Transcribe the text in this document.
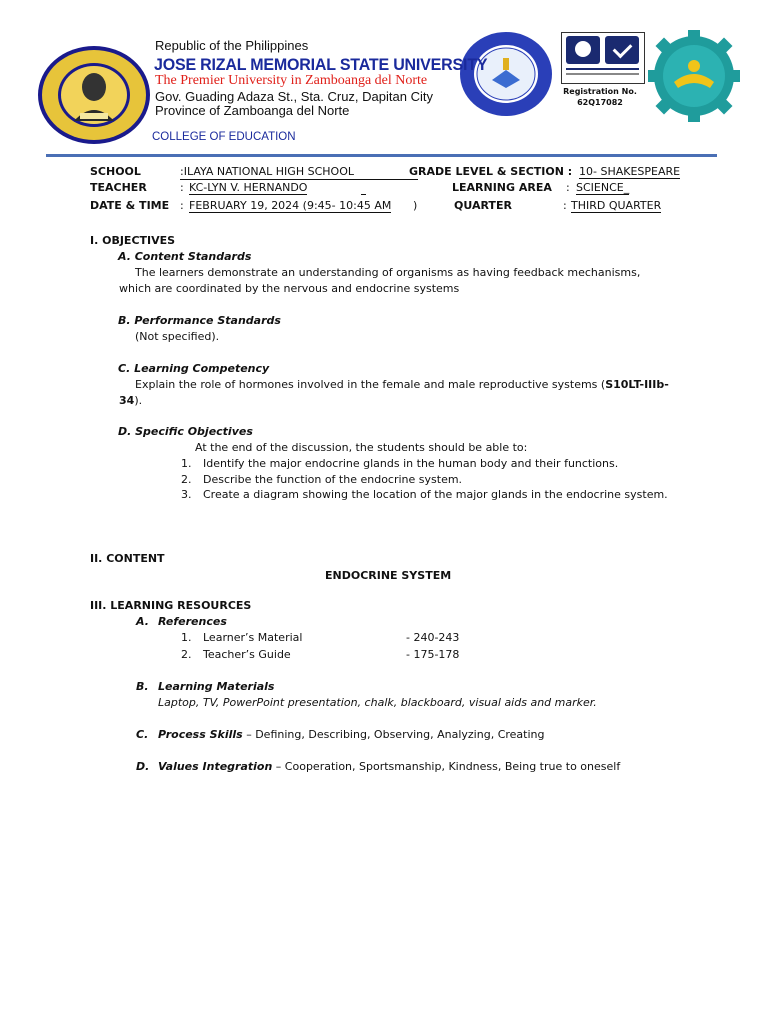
Registration No.
62Q17082
Republic of the Philippines
JOSE RIZAL MEMORIAL STATE UNIVERSITY
The Premier University in Zamboanga del Norte
Gov. Guading Adaza St., Sta. Cruz, Dapitan City
Province of Zamboanga del Norte
COLLEGE OF EDUCATION
SCHOOL	:ILAYA NATIONAL HIGH SCHOOL	GRADE LEVEL & SECTION : 10- SHAKESPEARE
TEACHER	: KC-LYN V. HERNANDO	LEARNING AREA : SCIENCE_
DATE & TIME : FEBRUARY 19, 2024 (9:45- 10:45 AM )	QUARTER	: THIRD QUARTER
I. OBJECTIVES
A. Content Standards
The learners demonstrate an understanding of organisms as having feedback mechanisms,
which are coordinated by the nervous and endocrine systems
B. Performance Standards
(Not specified).
C. Learning Competency
Explain the role of hormones involved in the female and male reproductive systems (S10LT-IIIb-
34).
D. Specific Objectives
At the end of the discussion, the students should be able to:
1. Identify the major endocrine glands in the human body and their functions.
2. Describe the function of the endocrine system.
3. Create a diagram showing the location of the major glands in the endocrine system.
II. CONTENT
ENDOCRINE SYSTEM
III. LEARNING RESOURCES
A. References
1. Learner’s Material	- 240-243
2. Teacher’s Guide	- 175-178
B. Learning Materials
Laptop, TV, PowerPoint presentation, chalk, blackboard, visual aids and marker.
C. Process Skills – Defining, Describing, Observing, Analyzing, Creating
D. Values Integration – Cooperation, Sportsmanship, Kindness, Being true to oneself
